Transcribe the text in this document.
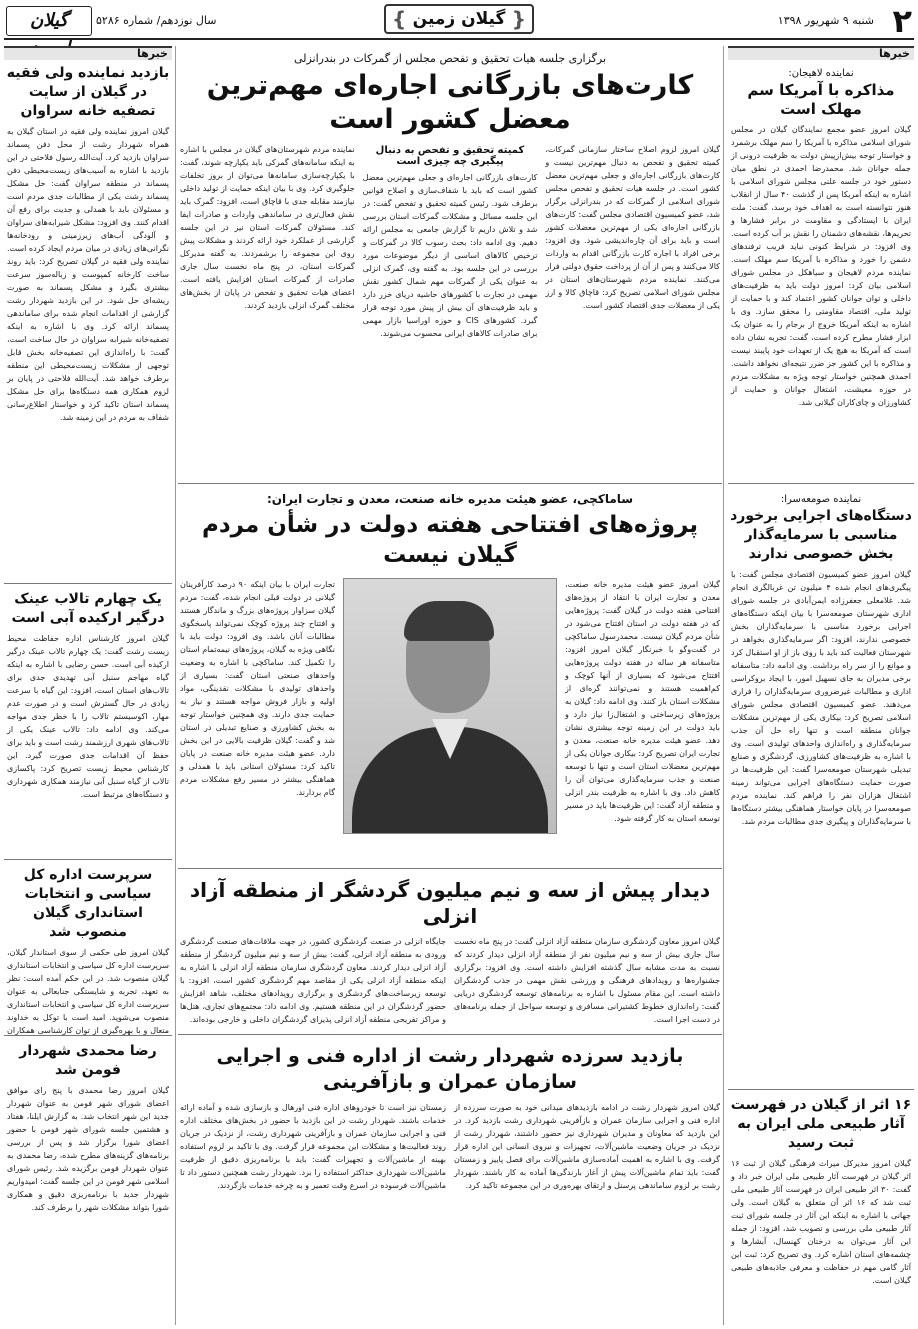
۲
شنبه ۹ شهریور ۱۳۹۸
{ گیلان زمین }
سال نوزدهم/ شماره ۵۲۸۶
گیلان
خبرها
نماینده لاهیجان:
مذاکره با آمریکا سم مهلک است
گیلان امروز عضو مجمع نمایندگان گیلان در مجلس شورای اسلامی مذاکره با آمریکا را سم مهلک برشمرد و خواستار توجه بیش‌ازپیش دولت به ظرفیت درونی از جمله جوانان شد. محمدرضا احمدی در نطق میان دستور خود در جلسه علنی مجلس شورای اسلامی با اشاره به اینکه آمریکا پس از گذشت ۴۰ سال از انقلاب هنوز نتوانسته است به اهداف خود برسد، گفت: ملت ایران با ایستادگی و مقاومت در برابر فشارها و تحریم‌ها، نقشه‌های دشمنان را نقش بر آب کرده است. وی افزود: در شرایط کنونی نباید فریب ترفندهای دشمن را خورد و مذاکره با آمریکا سم مهلک است. نماینده مردم لاهیجان و سیاهکل در مجلس شورای اسلامی بیان کرد: امروز دولت باید به ظرفیت‌های داخلی و توان جوانان کشور اعتماد کند و با حمایت از تولید ملی، اقتصاد مقاومتی را محقق سازد. وی با اشاره به اینکه آمریکا خروج از برجام را به عنوان یک ابزار فشار مطرح کرده است، گفت: تجربه نشان داده است که آمریکا به هیچ یک از تعهدات خود پایبند نیست و مذاکره با این کشور جز ضرر نتیجه‌ای نخواهد داشت. احمدی همچنین خواستار توجه ویژه به مشکلات مردم در حوزه معیشت، اشتغال جوانان و حمایت از کشاورزان و چای‌کاران گیلانی شد.
نماینده صومعه‌سرا:
دستگاه‌های اجرایی برخورد مناسبی با سرمایه‌گذار بخش خصوصی ندارند
گیلان امروز عضو کمیسیون اقتصادی مجلس گفت: با پیگیری‌های انجام شده ۴ میلیون تن غربالگری انجام شد. غلامعلی جعفرزاده ایمن‌آبادی در جلسه شورای اداری شهرستان صومعه‌سرا با بیان اینکه دستگاه‌های اجرایی برخورد مناسبی با سرمایه‌گذاران بخش خصوصی ندارند، افزود: اگر سرمایه‌گذاری بخواهد در شهرستان فعالیت کند باید با روی باز از او استقبال کرد و موانع را از سر راه برداشت. وی ادامه داد: متاسفانه برخی مدیران به جای تسهیل امور، با ایجاد بروکراسی اداری و مطالبات غیرضروری سرمایه‌گذاران را فراری می‌دهند. عضو کمیسیون اقتصادی مجلس شورای اسلامی تصریح کرد: بیکاری یکی از مهم‌ترین مشکلات جوانان منطقه است و تنها راه حل آن جذب سرمایه‌گذاری و راه‌اندازی واحدهای تولیدی است. وی با اشاره به ظرفیت‌های کشاورزی، گردشگری و صنایع تبدیلی شهرستان صومعه‌سرا گفت: این ظرفیت‌ها در صورت حمایت دستگاه‌های اجرایی می‌تواند زمینه اشتغال هزاران نفر را فراهم کند. نماینده مردم صومعه‌سرا در پایان خواستار هماهنگی بیشتر دستگاه‌ها با سرمایه‌گذاران و پیگیری جدی مطالبات مردم شد.
۱۶ اثر از گیلان در فهرست آثار طبیعی ملی ایران به ثبت رسید
گیلان امروز مدیرکل میراث فرهنگی گیلان از ثبت ۱۶ اثر گیلان در فهرست آثار طبیعی ملی ایران خبر داد و گفت: ۳۰ اثر طبیعی ایران در فهرست آثار طبیعی ملی ثبت شد که ۱۶ اثر آن متعلق به گیلان است. ولی جهانی با اشاره به اینکه این آثار در جلسه شورای ثبت آثار طبیعی ملی بررسی و تصویب شد، افزود: از جمله این آثار می‌توان به درختان کهنسال، آبشارها و چشمه‌های استان اشاره کرد. وی تصریح کرد: ثبت این آثار گامی مهم در حفاظت و معرفی جاذبه‌های طبیعی گیلان است.
برگزاری جلسه هیات تحقیق و تفحص مجلس از گمرکات در بندرانزلی
کارت‌های بازرگانی اجاره‌ای مهم‌ترین معضل کشور است
گیلان امروز لزوم اصلاح ساختار سازمانی گمرکات، کمیته تحقیق و تفحص به دنبال مهم‌ترین نیست و کارت‌های بازرگانی اجاره‌ای و جعلی مهم‌ترین معضل کشور است. در جلسه هیات تحقیق و تفحص مجلس شورای اسلامی از گمرکات که در بندرانزلی برگزار شد، عضو کمیسیون اقتصادی مجلس گفت: کارت‌های بازرگانی اجاره‌ای یکی از مهم‌ترین معضلات کشور است و باید برای آن چاره‌اندیشی شود. وی افزود: برخی افراد با اجاره کارت بازرگانی اقدام به واردات کالا می‌کنند و پس از آن از پرداخت حقوق دولتی فرار می‌کنند. نماینده مردم شهرستان‌های استان در مجلس شورای اسلامی تصریح کرد: قاچاق کالا و ارز یکی از معضلات جدی اقتصاد کشور است.
کمیته تحقیق و تفحص به دنبال پیگیری چه چیزی است
کارت‌های بازرگانی اجاره‌ای و جعلی مهم‌ترین معضل کشور است که باید با شفاف‌سازی و اصلاح قوانین برطرف شود. رئیس کمیته تحقیق و تفحص گفت: در این جلسه مسائل و مشکلات گمرکات استان بررسی شد و تلاش داریم تا گزارش جامعی به مجلس ارائه دهیم. وی ادامه داد: بحث رسوب کالا در گمرکات و ترخیص کالاهای اساسی از دیگر موضوعات مورد بررسی در این جلسه بود. به گفته وی، گمرک انزلی به عنوان یکی از گمرکات مهم شمال کشور نقش مهمی در تجارت با کشورهای حاشیه دریای خزر دارد و باید ظرفیت‌های آن بیش از پیش مورد توجه قرار گیرد. کشورهای CIS و حوزه اوراسیا بازار مهمی برای صادرات کالاهای ایرانی محسوب می‌شوند.
نماینده مردم شهرستان‌های گیلان در مجلس با اشاره به اینکه سامانه‌های گمرکی باید یکپارچه شوند، گفت: با یکپارچه‌سازی سامانه‌ها می‌توان از بروز تخلفات جلوگیری کرد. وی با بیان اینکه حمایت از تولید داخلی نیازمند مقابله جدی با قاچاق است، افزود: گمرک باید نقش فعال‌تری در ساماندهی واردات و صادرات ایفا کند. مسئولان گمرکات استان نیز در این جلسه گزارشی از عملکرد خود ارائه کردند و مشکلات پیش روی این مجموعه را برشمردند. به گفته مدیرکل گمرکات استان، در پنج ماه نخست سال جاری صادرات از گمرکات استان افزایش یافته است. اعضای هیات تحقیق و تفحص در پایان از بخش‌های مختلف گمرک انزلی بازدید کردند.
ساماکچی، عضو هیئت مدیره خانه صنعت، معدن و تجارت ایران:
پروژه‌های افتتاحی هفته دولت در شأن مردم گیلان نیست
گیلان امروز عضو هیئت مدیره خانه صنعت، معدن و تجارت ایران با انتقاد از پروژه‌های افتتاحی هفته دولت در گیلان گفت: پروژه‌هایی که در هفته دولت در استان افتتاح می‌شود در شأن مردم گیلان نیست. محمدرسول ساماکچی در گفت‌وگو با خبرنگار گیلان امروز افزود: متاسفانه هر ساله در هفته دولت پروژه‌هایی افتتاح می‌شود که بسیاری از آنها کوچک و کم‌اهمیت هستند و نمی‌توانند گره‌ای از مشکلات استان باز کنند. وی ادامه داد: گیلان به پروژه‌های زیرساختی و اشتغال‌زا نیاز دارد و باید دولت در این زمینه توجه بیشتری نشان دهد. عضو هیئت مدیره خانه صنعت، معدن و تجارت ایران تصریح کرد: بیکاری جوانان یکی از مهم‌ترین معضلات استان است و تنها با توسعه صنعت و جذب سرمایه‌گذاری می‌توان آن را کاهش داد. وی با اشاره به ظرفیت بندر انزلی و منطقه آزاد گفت: این ظرفیت‌ها باید در مسیر توسعه استان به کار گرفته شود.
تجارت ایران با بیان اینکه ۹۰ درصد کارآفرینان گیلانی در دولت قبلی انجام شده، گفت: مردم گیلان سزاوار پروژه‌های بزرگ و ماندگار هستند و افتتاح چند پروژه کوچک نمی‌تواند پاسخگوی مطالبات آنان باشد. وی افزود: دولت باید با نگاهی ویژه به گیلان، پروژه‌های نیمه‌تمام استان را تکمیل کند. ساماکچی با اشاره به وضعیت واحدهای صنعتی استان گفت: بسیاری از واحدهای تولیدی با مشکلات نقدینگی، مواد اولیه و بازار فروش مواجه هستند و نیاز به حمایت جدی دارند. وی همچنین خواستار توجه به بخش کشاورزی و صنایع تبدیلی در استان شد و گفت: گیلان ظرفیت بالایی در این بخش دارد. عضو هیئت مدیره خانه صنعت در پایان تاکید کرد: مسئولان استانی باید با همدلی و هماهنگی بیشتر در مسیر رفع مشکلات مردم گام بردارند.
دیدار پیش از سه و نیم میلیون گردشگر از منطقه آزاد انزلی
گیلان امروز معاون گردشگری سازمان منطقه آزاد انزلی گفت: در پنج ماه نخست سال جاری بیش از سه و نیم میلیون نفر از منطقه آزاد انزلی دیدار کردند که نسبت به مدت مشابه سال گذشته افزایش داشته است. وی افزود: برگزاری جشنواره‌ها و رویدادهای فرهنگی و ورزشی نقش مهمی در جذب گردشگران داشته است. این مقام مسئول با اشاره به برنامه‌های توسعه گردشگری دریایی گفت: راه‌اندازی خطوط کشتیرانی مسافری و توسعه سواحل از جمله برنامه‌های در دست اجرا است.
جایگاه انزلی در صنعت گردشگری کشور، در جهت ملاقات‌های صنعت گردشگری ورودی به منطقه آزاد انزلی، گفت: بیش از سه و نیم میلیون گردشگر از منطقه آزاد انزلی دیدار کردند. معاون گردشگری سازمان منطقه آزاد انزلی با اشاره به اینکه منطقه آزاد انزلی یکی از مقاصد مهم گردشگری کشور است، افزود: با توسعه زیرساخت‌های گردشگری و برگزاری رویدادهای مختلف، شاهد افزایش حضور گردشگران در این منطقه هستیم. وی ادامه داد: مجتمع‌های تجاری، هتل‌ها و مراکز تفریحی منطقه آزاد انزلی پذیرای گردشگران داخلی و خارجی بوده‌اند.
بازدید سرزده شهردار رشت از اداره فنی و اجرایی سازمان عمران و بازآفرینی
گیلان امروز شهردار رشت در ادامه بازدیدهای میدانی خود به صورت سرزده از اداره فنی و اجرایی سازمان عمران و بازآفرینی شهرداری رشت بازدید کرد. در این بازدید که معاونان و مدیران شهرداری نیز حضور داشتند، شهردار رشت از نزدیک در جریان وضعیت ماشین‌آلات، تجهیزات و نیروی انسانی این اداره قرار گرفت. وی با اشاره به اهمیت آماده‌سازی ماشین‌آلات برای فصل پاییز و زمستان گفت: باید تمام ماشین‌آلات پیش از آغاز بارندگی‌ها آماده به کار باشند. شهردار رشت بر لزوم ساماندهی پرسنل و ارتقای بهره‌وری در این مجموعه تاکید کرد.
زمستان نیز است تا خودروهای اداره فنی اورهال و بازسازی شده و آماده ارائه خدمات باشند. شهردار رشت در این بازدید با حضور در بخش‌های مختلف اداره فنی و اجرایی سازمان عمران و بازآفرینی شهرداری رشت، از نزدیک در جریان روند فعالیت‌ها و مشکلات این مجموعه قرار گرفت. وی با تاکید بر لزوم استفاده بهینه از ماشین‌آلات و تجهیزات گفت: باید با برنامه‌ریزی دقیق از ظرفیت ماشین‌آلات شهرداری حداکثر استفاده را برد. شهردار رشت همچنین دستور داد تا ماشین‌آلات فرسوده در اسرع وقت تعمیر و به چرخه خدمات بازگردند.
خبرها
بازدید نماینده ولی فقیه در گیلان از سایت تصفیه خانه سراوان
گیلان امروز نماینده ولی فقیه در استان گیلان به همراه شهردار رشت از محل دفن پسماند سراوان بازدید کرد. آیت‌الله رسول فلاحتی در این بازدید با اشاره به آسیب‌های زیست‌محیطی دفن پسماند در منطقه سراوان گفت: حل مشکل پسماند رشت یکی از مطالبات جدی مردم است و مسئولان باید با همدلی و جدیت برای رفع آن اقدام کنند. وی افزود: مشکل شیرابه‌های سراوان و آلودگی آب‌های زیرزمینی و رودخانه‌ها نگرانی‌های زیادی در میان مردم ایجاد کرده است. نماینده ولی فقیه در گیلان تصریح کرد: باید روند ساخت کارخانه کمپوست و زباله‌سوز سرعت بیشتری بگیرد و مشکل پسماند به صورت ریشه‌ای حل شود. در این بازدید شهردار رشت گزارشی از اقدامات انجام شده برای ساماندهی پسماند ارائه کرد. وی با اشاره به اینکه تصفیه‌خانه شیرابه سراوان در حال ساخت است، گفت: با راه‌اندازی این تصفیه‌خانه بخش قابل توجهی از مشکلات زیست‌محیطی این منطقه برطرف خواهد شد. آیت‌الله فلاحتی در پایان بر لزوم همکاری همه دستگاه‌ها برای حل مشکل پسماند استان تاکید کرد و خواستار اطلاع‌رسانی شفاف به مردم در این زمینه شد.
یک چهارم تالاب عینک درگیر ارکیده آبی است
گیلان امروز کارشناس اداره حفاظت محیط زیست رشت گفت: یک چهارم تالاب عینک درگیر ارکیده آبی است. حسن رضایی با اشاره به اینکه گیاه مهاجم سنبل آبی تهدیدی جدی برای تالاب‌های استان است، افزود: این گیاه با سرعت زیادی در حال گسترش است و در صورت عدم مهار، اکوسیستم تالاب را با خطر جدی مواجه می‌کند. وی ادامه داد: تالاب عینک یکی از تالاب‌های شهری ارزشمند رشت است و باید برای حفظ آن اقدامات جدی صورت گیرد. این کارشناس محیط زیست تصریح کرد: پاکسازی تالاب از گیاه سنبل آبی نیازمند همکاری شهرداری و دستگاه‌های مرتبط است.
سرپرست اداره کل سیاسی و انتخابات استانداری گیلان منصوب شد
گیلان امروز طی حکمی از سوی استاندار گیلان، سرپرست اداره کل سیاسی و انتخابات استانداری گیلان منصوب شد. در این حکم آمده است: نظر به تعهد، تجربه و شایستگی جنابعالی به عنوان سرپرست اداره کل سیاسی و انتخابات استانداری منصوب می‌شوید. امید است با توکل به خداوند متعال و با بهره‌گیری از توان کارشناسی همکاران
رضا محمدی شهردار فومن شد
گیلان امروز رضا محمدی با پنج رای موافق اعضای شورای شهر فومن به عنوان شهردار جدید این شهر انتخاب شد. به گزارش ایلنا، هفتاد و هشتمین جلسه شورای شهر فومن با حضور اعضای شورا برگزار شد و پس از بررسی برنامه‌های گزینه‌های مطرح شده، رضا محمدی به عنوان شهردار فومن برگزیده شد. رئیس شورای اسلامی شهر فومن در این جلسه گفت: امیدواریم شهردار جدید با برنامه‌ریزی دقیق و همکاری شورا بتواند مشکلات شهر را برطرف کند.
